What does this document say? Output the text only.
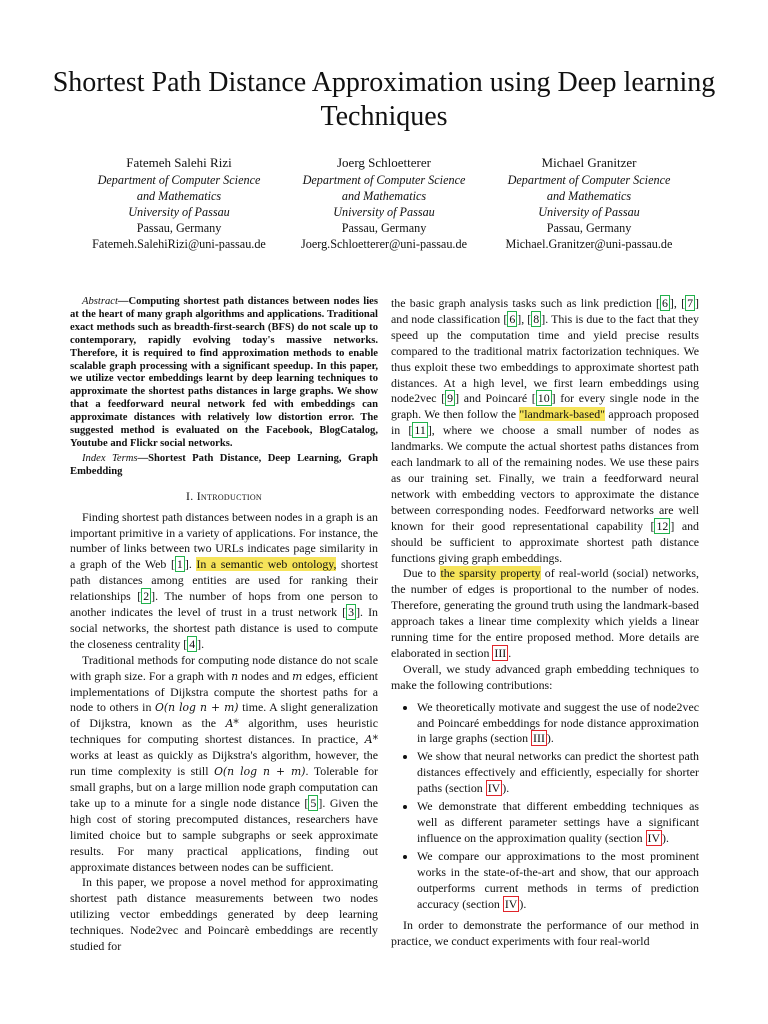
Shortest Path Distance Approximation using Deep learning Techniques
Fatemeh Salehi Rizi
Department of Computer Science
and Mathematics
University of Passau
Passau, Germany
Fatemeh.SalehiRizi@uni-passau.de
Joerg Schloetterer
Department of Computer Science
and Mathematics
University of Passau
Passau, Germany
Joerg.Schloetterer@uni-passau.de
Michael Granitzer
Department of Computer Science
and Mathematics
University of Passau
Passau, Germany
Michael.Granitzer@uni-passau.de
Abstract—Computing shortest path distances between nodes lies at the heart of many graph algorithms and applications. Traditional exact methods such as breadth-first-search (BFS) do not scale up to contemporary, rapidly evolving today's massive networks. Therefore, it is required to find approximation methods to enable scalable graph processing with a significant speedup. In this paper, we utilize vector embeddings learnt by deep learning techniques to approximate the shortest paths distances in large graphs. We show that a feedforward neural network fed with embeddings can approximate distances with relatively low distortion error. The suggested method is evaluated on the Facebook, BlogCatalog, Youtube and Flickr social networks.
Index Terms—Shortest Path Distance, Deep Learning, Graph Embedding
I. Introduction

Finding shortest path distances between nodes in a graph is an important primitive in a variety of applications. For instance, the number of links between two URLs indicates page similarity in a graph of the Web [ 1 ]. In a semantic web ontology, shortest path distances among entities are used for ranking their relationships [ 2 ]. The number of hops from one person to another indicates the level of trust in a trust network [ 3 ]. In social networks, the shortest path distance is used to compute the closeness centrality [ 4 ].

Traditional methods for computing node distance do not scale with graph size. For a graph with n nodes and m edges, efficient implementations of Dijkstra compute the shortest paths for a node to others in O(n log n + m) time. A slight generalization of Dijkstra, known as the A* algorithm, uses heuristic techniques for computing shortest distances. In practice, A* works at least as quickly as Dijkstra's algorithm, however, the run time complexity is still O(n log n + m). Tolerable for small graphs, but on a large million node graph computation can take up to a minute for a single node distance [ 5 ]. Given the high cost of storing precomputed distances, researchers have limited choice but to sample subgraphs or seek approximate results. For many practical applications, finding out approximate distances between nodes can be sufficient.

In this paper, we propose a novel method for approximating shortest path distance measurements between two nodes utilizing vector embeddings generated by deep learning techniques. Node2vec and Poincarè embeddings are recently studied for

the basic graph analysis tasks such as link prediction [ 6 ], [ 7 ] and node classification [ 6 ], [ 8 ]. This is due to the fact that they speed up the computation time and yield precise results compared to the traditional matrix factorization techniques. We thus exploit these two embeddings to approximate shortest path distances. At a high level, we first learn embeddings using node2vec [ 9 ] and Poincaré [ 10 ] for every single node in the graph. We then follow the "landmark-based" approach proposed in [ 11 ], where we choose a small number of nodes as landmarks. We compute the actual shortest paths distances from each landmark to all of the remaining nodes. We use these pairs as our training set. Finally, we train a feedforward neural network with embedding vectors to approximate the distance between corresponding nodes. Feedforward networks are well known for their good representational capability [ 12 ] and should be sufficient to approximate shortest path distance functions giving graph embeddings.

Due to the sparsity property of real-world (social) networks, the number of edges is proportional to the number of nodes. Therefore, generating the ground truth using the landmark-based approach takes a linear time complexity which yields a linear running time for the entire proposed method. More details are elaborated in section III .

Overall, we study advanced graph embedding techniques to make the following contributions:

• We theoretically motivate and suggest the use of node2vec and Poincaré embeddings for node distance approximation in large graphs (section III ).
• We show that neural networks can predict the shortest path distances effectively and efficiently, especially for shorter paths (section IV ).
• We demonstrate that different embedding techniques as well as different parameter settings have a significant influence on the approximation quality (section IV ).
• We compare our approximations to the most prominent works in the state-of-the-art and show, that our approach outperforms current methods in terms of prediction accuracy (section IV ).

In order to demonstrate the performance of our method in practice, we conduct experiments with four real-world
